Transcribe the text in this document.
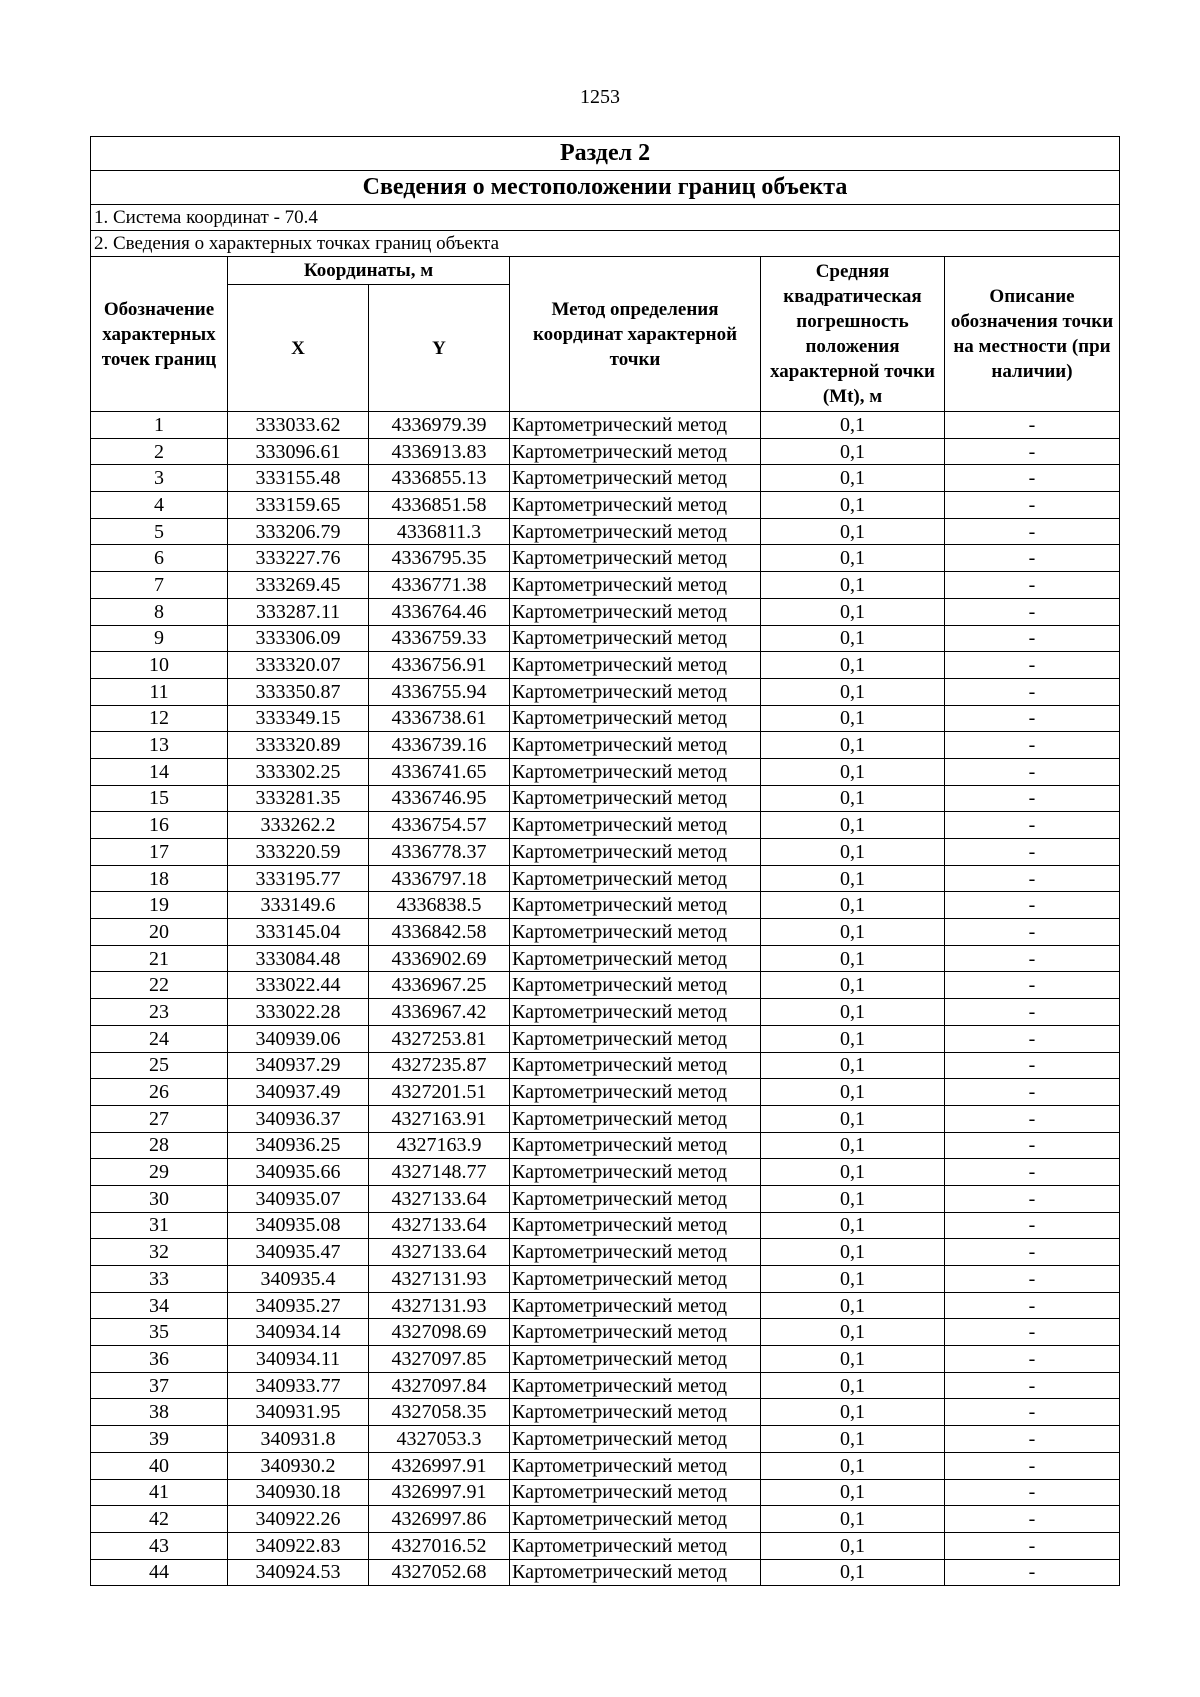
1253
Раздел 2					
Сведения о местоположении границ объекта					
1. Система координат - 70.4					
2. Сведения о характерных точках границ объекта					
Обозначение характерных точек границ	Координаты, м		Метод определения координат характерной точки	Средняя квадратическая погрешность положения характерной точки (Mt), м	Описание обозначения точки на местности (при наличии)
	X	Y			
1	333033.62	4336979.39	Картометрический метод	0,1	-
2	333096.61	4336913.83	Картометрический метод	0,1	-
3	333155.48	4336855.13	Картометрический метод	0,1	-
4	333159.65	4336851.58	Картометрический метод	0,1	-
5	333206.79	4336811.3	Картометрический метод	0,1	-
6	333227.76	4336795.35	Картометрический метод	0,1	-
7	333269.45	4336771.38	Картометрический метод	0,1	-
8	333287.11	4336764.46	Картометрический метод	0,1	-
9	333306.09	4336759.33	Картометрический метод	0,1	-
10	333320.07	4336756.91	Картометрический метод	0,1	-
11	333350.87	4336755.94	Картометрический метод	0,1	-
12	333349.15	4336738.61	Картометрический метод	0,1	-
13	333320.89	4336739.16	Картометрический метод	0,1	-
14	333302.25	4336741.65	Картометрический метод	0,1	-
15	333281.35	4336746.95	Картометрический метод	0,1	-
16	333262.2	4336754.57	Картометрический метод	0,1	-
17	333220.59	4336778.37	Картометрический метод	0,1	-
18	333195.77	4336797.18	Картометрический метод	0,1	-
19	333149.6	4336838.5	Картометрический метод	0,1	-
20	333145.04	4336842.58	Картометрический метод	0,1	-
21	333084.48	4336902.69	Картометрический метод	0,1	-
22	333022.44	4336967.25	Картометрический метод	0,1	-
23	333022.28	4336967.42	Картометрический метод	0,1	-
24	340939.06	4327253.81	Картометрический метод	0,1	-
25	340937.29	4327235.87	Картометрический метод	0,1	-
26	340937.49	4327201.51	Картометрический метод	0,1	-
27	340936.37	4327163.91	Картометрический метод	0,1	-
28	340936.25	4327163.9	Картометрический метод	0,1	-
29	340935.66	4327148.77	Картометрический метод	0,1	-
30	340935.07	4327133.64	Картометрический метод	0,1	-
31	340935.08	4327133.64	Картометрический метод	0,1	-
32	340935.47	4327133.64	Картометрический метод	0,1	-
33	340935.4	4327131.93	Картометрический метод	0,1	-
34	340935.27	4327131.93	Картометрический метод	0,1	-
35	340934.14	4327098.69	Картометрический метод	0,1	-
36	340934.11	4327097.85	Картометрический метод	0,1	-
37	340933.77	4327097.84	Картометрический метод	0,1	-
38	340931.95	4327058.35	Картометрический метод	0,1	-
39	340931.8	4327053.3	Картометрический метод	0,1	-
40	340930.2	4326997.91	Картометрический метод	0,1	-
41	340930.18	4326997.91	Картометрический метод	0,1	-
42	340922.26	4326997.86	Картометрический метод	0,1	-
43	340922.83	4327016.52	Картометрический метод	0,1	-
44	340924.53	4327052.68	Картометрический метод	0,1	-
